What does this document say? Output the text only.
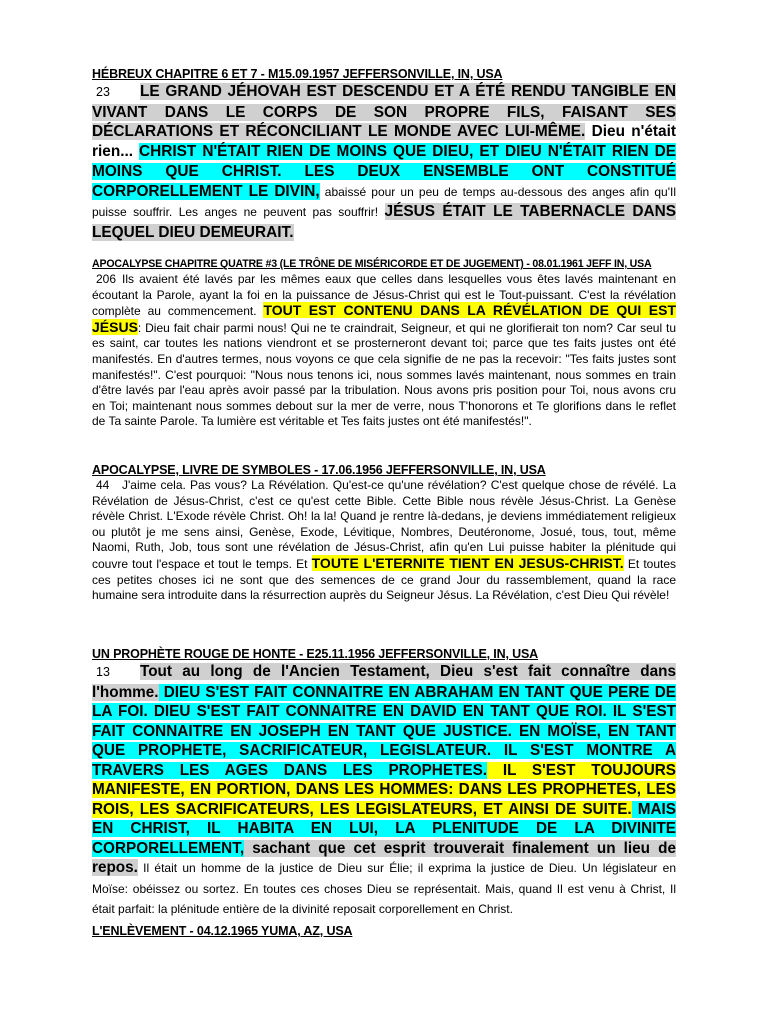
HÉBREUX CHAPITRE 6 ET 7 - M15.09.1957 JEFFERSONVILLE, IN, USA

23 LE GRAND JÉHOVAH EST DESCENDU ET A ÉTÉ RENDU TANGIBLE EN VIVANT DANS LE CORPS DE SON PROPRE FILS, FAISANT SES DÉCLARATIONS ET RÉCONCILIANT LE MONDE AVEC LUI-MÊME. Dieu n'était rien... CHRIST N'ÉTAIT RIEN DE MOINS QUE DIEU, ET DIEU N'ÉTAIT RIEN DE MOINS QUE CHRIST. LES DEUX ENSEMBLE ONT CONSTITUÉ CORPORELLEMENT LE DIVIN, abaissé pour un peu de temps au-dessous des anges afin qu'Il puisse souffrir. Les anges ne peuvent pas souffrir! JÉSUS ÉTAIT LE TABERNACLE DANS LEQUEL DIEU DEMEURAIT.

APOCALYPSE CHAPITRE QUATRE #3 (LE TRÔNE DE MISÉRICORDE ET DE JUGEMENT) - 08.01.1961 JEFF IN, USA

206 Ils avaient été lavés par les mêmes eaux que celles dans lesquelles vous êtes lavés maintenant en écoutant la Parole, ayant la foi en la puissance de Jésus-Christ qui est le Tout-puissant. C'est la révélation complète au commencement. TOUT EST CONTENU DANS LA RÉVÉLATION DE QUI EST JÉSUS: Dieu fait chair parmi nous! Qui ne te craindrait, Seigneur, et qui ne glorifierait ton nom? Car seul tu es saint, car toutes les nations viendront et se prosterneront devant toi; parce que tes faits justes ont été manifestés. En d'autres termes, nous voyons ce que cela signifie de ne pas la recevoir: "Tes faits justes sont manifestés!". C'est pourquoi: "Nous nous tenons ici, nous sommes lavés maintenant, nous sommes en train d'être lavés par l'eau après avoir passé par la tribulation. Nous avons pris position pour Toi, nous avons cru en Toi; maintenant nous sommes debout sur la mer de verre, nous T'honorons et Te glorifions dans le reflet de Ta sainte Parole. Ta lumière est véritable et Tes faits justes ont été manifestés!".

APOCALYPSE, LIVRE DE SYMBOLES - 17.06.1956 JEFFERSONVILLE, IN, USA

44 J'aime cela. Pas vous? La Révélation. Qu'est-ce qu'une révélation? C'est quelque chose de révélé. La Révélation de Jésus-Christ, c'est ce qu'est cette Bible. Cette Bible nous révèle Jésus-Christ. La Genèse révèle Christ. L'Exode révèle Christ. Oh! la la! Quand je rentre là-dedans, je deviens immédiatement religieux ou plutôt je me sens ainsi, Genèse, Exode, Lévitique, Nombres, Deutéronome, Josué, tous, tout, même Naomi, Ruth, Job, tous sont une révélation de Jésus-Christ, afin qu'en Lui puisse habiter la plénitude qui couvre tout l'espace et tout le temps. Et TOUTE L'ETERNITE TIENT EN JESUS-CHRIST. Et toutes ces petites choses ici ne sont que des semences de ce grand Jour du rassemblement, quand la race humaine sera introduite dans la résurrection auprès du Seigneur Jésus. La Révélation, c'est Dieu Qui révèle!

UN PROPHÈTE ROUGE DE HONTE - E25.11.1956 JEFFERSONVILLE, IN, USA

13 Tout au long de l'Ancien Testament, Dieu s'est fait connaître dans l'homme. DIEU S'EST FAIT CONNAITRE EN ABRAHAM EN TANT QUE PERE DE LA FOI. DIEU S'EST FAIT CONNAITRE EN DAVID EN TANT QUE ROI. IL S'EST FAIT CONNAITRE EN JOSEPH EN TANT QUE JUSTICE. EN MOÏSE, EN TANT QUE PROPHETE, SACRIFICATEUR, LEGISLATEUR. IL S'EST MONTRE A TRAVERS LES AGES DANS LES PROPHETES. IL S'EST TOUJOURS MANIFESTE, EN PORTION, DANS LES HOMMES: DANS LES PROPHETES, LES ROIS, LES SACRIFICATEURS, LES LEGISLATEURS, ET AINSI DE SUITE. MAIS EN CHRIST, IL HABITA EN LUI, LA PLENITUDE DE LA DIVINITE CORPORELLEMENT, sachant que cet esprit trouverait finalement un lieu de repos. Il était un homme de la justice de Dieu sur Élie; il exprima la justice de Dieu. Un législateur en Moïse: obéissez ou sortez. En toutes ces choses Dieu se représentait. Mais, quand Il est venu à Christ, Il était parfait: la plénitude entière de la divinité reposait corporellement en Christ.

L'ENLÈVEMENT - 04.12.1965 YUMA, AZ, USA
